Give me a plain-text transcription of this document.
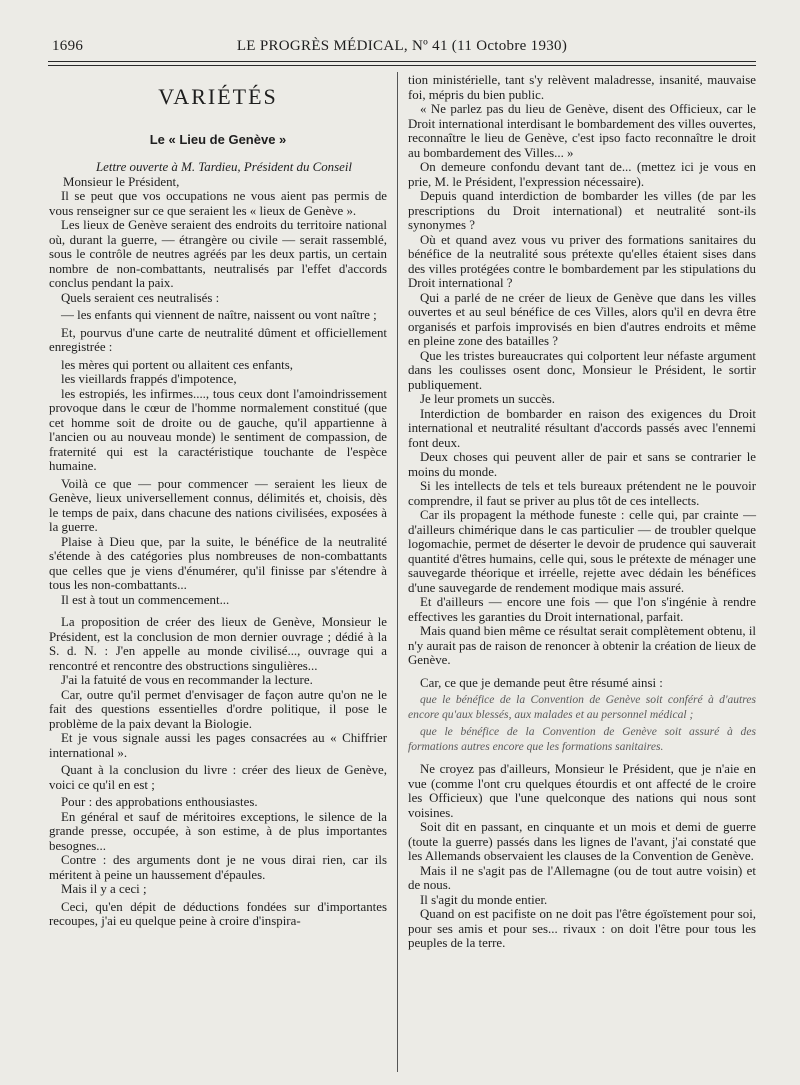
1696	LE PROGRÈS MÉDICAL, Nº 41 (11 Octobre 1930)
VARIÉTÉS
Le « Lieu de Genève »

Lettre ouverte à M. Tardieu, Président du Conseil

Monsieur le Président,

Il se peut que vos occupations ne vous aient pas permis de vous renseigner sur ce que seraient les « lieux de Genève ».

Les lieux de Genève seraient des endroits du territoire national où, durant la guerre, — étrangère ou civile — serait rassemblé, sous le contrôle de neutres agréés par les deux partis, un certain nombre de non-combattants, neutralisés par l'effet d'accords conclus pendant la paix.

Quels seraient ces neutralisés :

— les enfants qui viennent de naître, naissent ou vont naître ;

Et, pourvus d'une carte de neutralité dûment et officiellement enregistrée :

les mères qui portent ou allaitent ces enfants,

les vieillards frappés d'impotence,

les estropiés, les infirmes...., tous ceux dont l'amoindrissement provoque dans le cœur de l'homme normalement constitué (que cet homme soit de droite ou de gauche, qu'il appartienne à l'ancien ou au nouveau monde) le sentiment de compassion, de fraternité qui est la caractéristique touchante de l'espèce humaine.

Voilà ce que — pour commencer — seraient les lieux de Genève, lieux universellement connus, délimités et, choisis, dès le temps de paix, dans chacune des nations civilisées, exposées à la guerre.

Plaise à Dieu que, par la suite, le bénéfice de la neutralité s'étende à des catégories plus nombreuses de non-combattants que celles que je viens d'énumérer, qu'il finisse par s'étendre à tous les non-combattants...

Il est à tout un commencement...

La proposition de créer des lieux de Genève, Monsieur le Président, est la conclusion de mon dernier ouvrage ; dédié à la S. d. N. : J'en appelle au monde civilisé..., ouvrage qui a rencontré et rencontre des obstructions singulières...

J'ai la fatuité de vous en recommander la lecture.

Car, outre qu'il permet d'envisager de façon autre qu'on ne le fait des questions essentielles d'ordre politique, il pose le problème de la paix devant la Biologie.

Et je vous signale aussi les pages consacrées au « Chiffrier international ».

Quant à la conclusion du livre : créer des lieux de Genève, voici ce qu'il en est ;

Pour : des approbations enthousiastes.

En général et sauf de méritoires exceptions, le silence de la grande presse, occupée, à son estime, à de plus importantes besognes...

Contre : des arguments dont je ne vous dirai rien, car ils méritent à peine un haussement d'épaules.

Mais il y a ceci ;

Ceci, qu'en dépit de déductions fondées sur d'importantes recoupes, j'ai eu quelque peine à croire d'inspira-

tion ministérielle, tant s'y relèvent maladresse, insanité, mauvaise foi, mépris du bien public.

« Ne parlez pas du lieu de Genève, disent des Officieux, car le Droit international interdisant le bombardement des villes ouvertes, reconnaître le lieu de Genève, c'est ipso facto reconnaître le droit au bombardement des Villes... »

On demeure confondu devant tant de... (mettez ici je vous en prie, M. le Président, l'expression nécessaire).

Depuis quand interdiction de bombarder les villes (de par les prescriptions du Droit international) et neutralité sont-ils synonymes ?

Où et quand avez vous vu priver des formations sanitaires du bénéfice de la neutralité sous prétexte qu'elles étaient sises dans des villes protégées contre le bombardement par les stipulations du Droit international ?

Qui a parlé de ne créer de lieux de Genève que dans les villes ouvertes et au seul bénéfice de ces Villes, alors qu'il en devra être organisés et parfois improvisés en bien d'autres endroits et même en pleine zone des batailles ?

Que les tristes bureaucrates qui colportent leur néfaste argument dans les coulisses osent donc, Monsieur le Président, le sortir publiquement.

Je leur promets un succès.

Interdiction de bombarder en raison des exigences du Droit international et neutralité résultant d'accords passés avec l'ennemi font deux.

Deux choses qui peuvent aller de pair et sans se contrarier le moins du monde.

Si les intellects de tels et tels bureaux prétendent ne le pouvoir comprendre, il faut se priver au plus tôt de ces intellects.

Car ils propagent la méthode funeste : celle qui, par crainte — d'ailleurs chimérique dans le cas particulier — de troubler quelque logomachie, permet de déserter le devoir de prudence qui sauverait quantité d'êtres humains, celle qui, sous le prétexte de ménager une sauvegarde théorique et irréelle, rejette avec dédain les bénéfices d'une sauvegarde de rendement modique mais assuré.

Et d'ailleurs — encore une fois — que l'on s'ingénie à rendre effectives les garanties du Droit international, parfait.

Mais quand bien même ce résultat serait complètement obtenu, il n'y aurait pas de raison de renoncer à obtenir la création de lieux de Genève.

Car, ce que je demande peut être résumé ainsi :

que le bénéfice de la Convention de Genève soit conféré à d'autres encore qu'aux blessés, aux malades et au personnel médical ;

que le bénéfice de la Convention de Genève soit assuré à des formations autres encore que les formations sanitaires.

Ne croyez pas d'ailleurs, Monsieur le Président, que je n'aie en vue (comme l'ont cru quelques étourdis et ont affecté de le croire les Officieux) que l'une quelconque des nations qui nous sont voisines.

Soit dit en passant, en cinquante et un mois et demi de guerre (toute la guerre) passés dans les lignes de l'avant, j'ai constaté que les Allemands observaient les clauses de la Convention de Genève.

Mais il ne s'agit pas de l'Allemagne (ou de tout autre voisin) et de nous.

Il s'agit du monde entier.

Quand on est pacifiste on ne doit pas l'être égoïstement pour soi, pour ses amis et pour ses... rivaux : on doit l'être pour tous les peuples de la terre.
